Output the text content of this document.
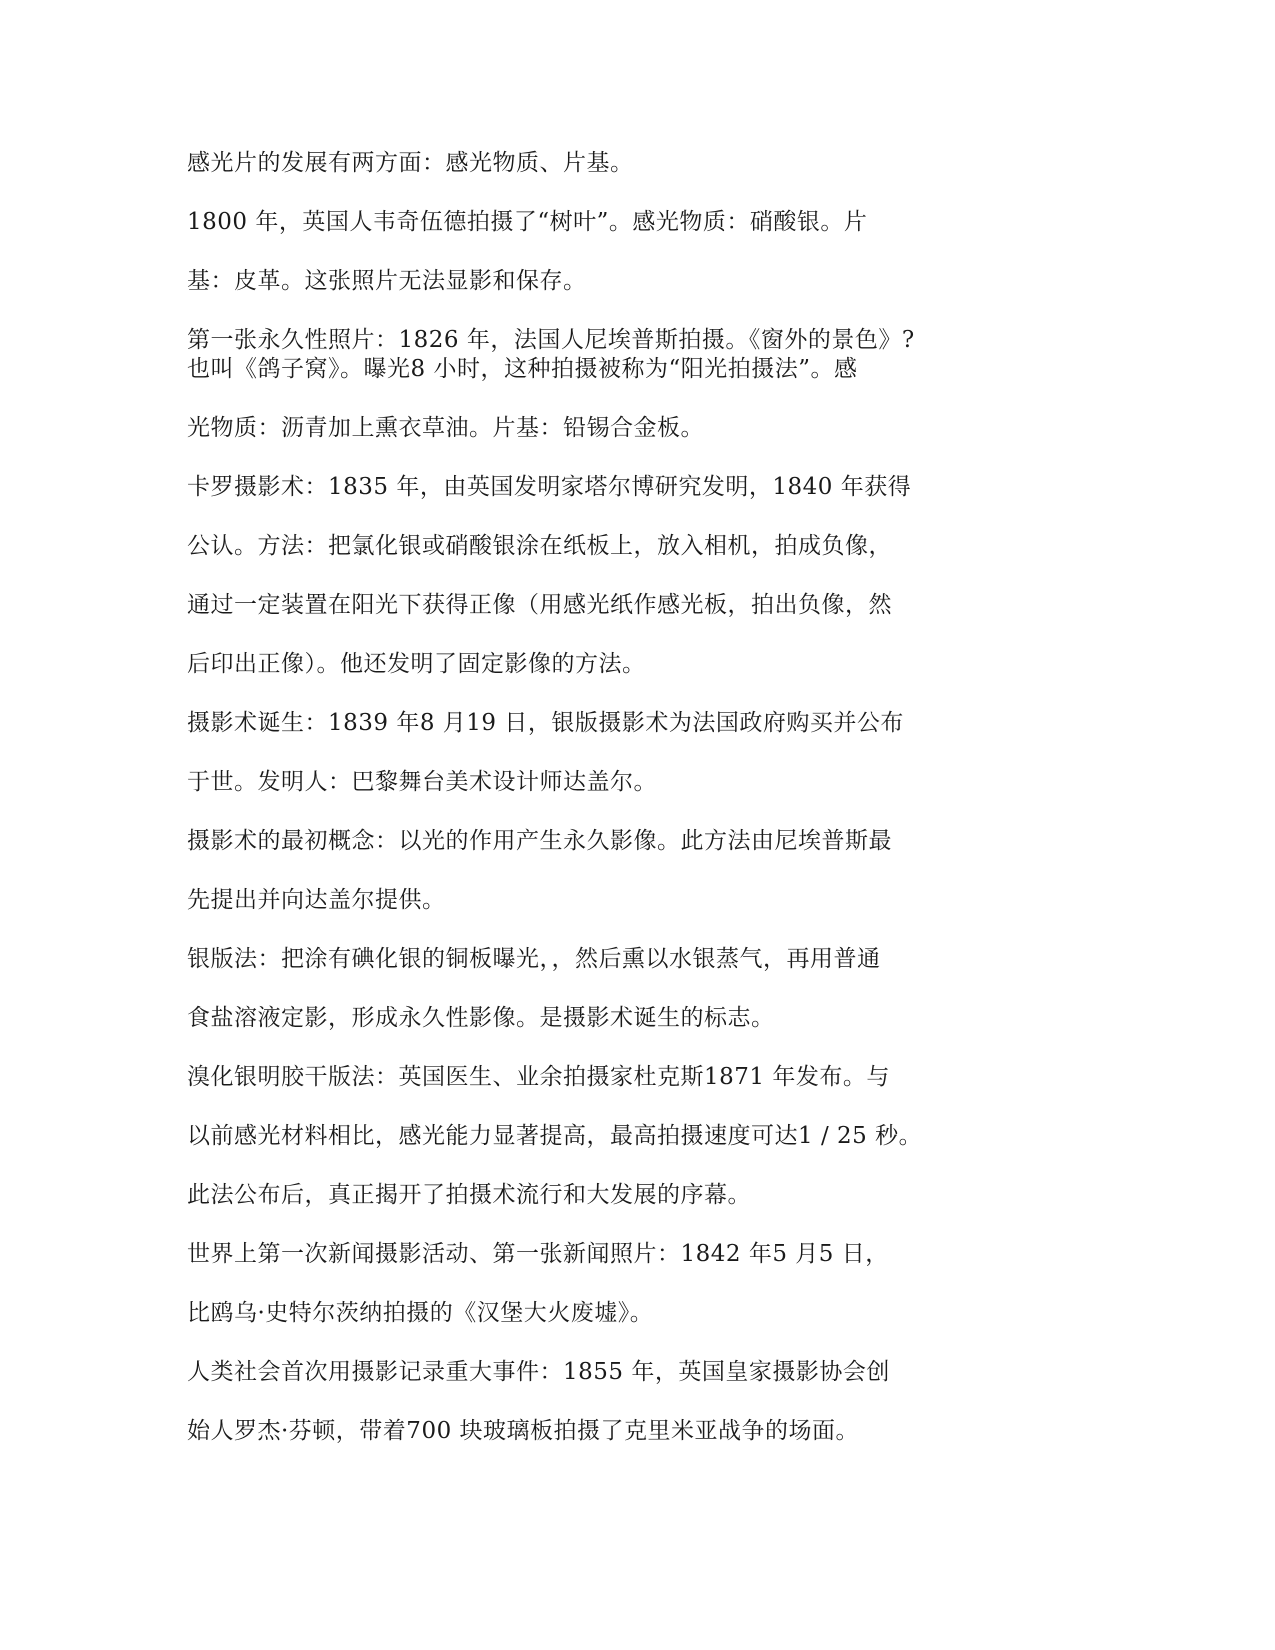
感光片的发展有两方面：感光物质、片基。

1800 年，英国人韦奇伍德拍摄了“树叶”。感光物质：硝酸银。片

基：皮革。这张照片无法显影和保存。

第一张永久性照片：1826 年，法国人尼埃普斯拍摄。《窗外的景色》?

也叫《鸽子窝》。曝光8 小时，这种拍摄被称为“阳光拍摄法”。感

光物质：沥青加上熏衣草油。片基：铅锡合金板。

卡罗摄影术：1835 年，由英国发明家塔尔博研究发明，1840 年获得

公认。方法：把氯化银或硝酸银涂在纸板上，放入相机，拍成负像，

通过一定装置在阳光下获得正像（用感光纸作感光板，拍出负像，然

后印出正像）。他还发明了固定影像的方法。

摄影术诞生：1839 年8 月19 日，银版摄影术为法国政府购买并公布

于世。发明人：巴黎舞台美术设计师达盖尔。

摄影术的最初概念：以光的作用产生永久影像。此方法由尼埃普斯最

先提出并向达盖尔提供。

银版法：把涂有碘化银的铜板曝光，，然后熏以水银蒸气，再用普通

食盐溶液定影，形成永久性影像。是摄影术诞生的标志。

溴化银明胶干版法：英国医生、业余拍摄家杜克斯1871 年发布。与

以前感光材料相比，感光能力显著提高，最高拍摄速度可达1 / 25 秒。

此法公布后，真正揭开了拍摄术流行和大发展的序幕。

世界上第一次新闻摄影活动、第一张新闻照片：1842 年5 月5 日，

比鸥乌·史特尔茨纳拍摄的《汉堡大火废墟》。

人类社会首次用摄影记录重大事件：1855 年，英国皇家摄影协会创

始人罗杰·芬顿，带着700 块玻璃板拍摄了克里米亚战争的场面。
